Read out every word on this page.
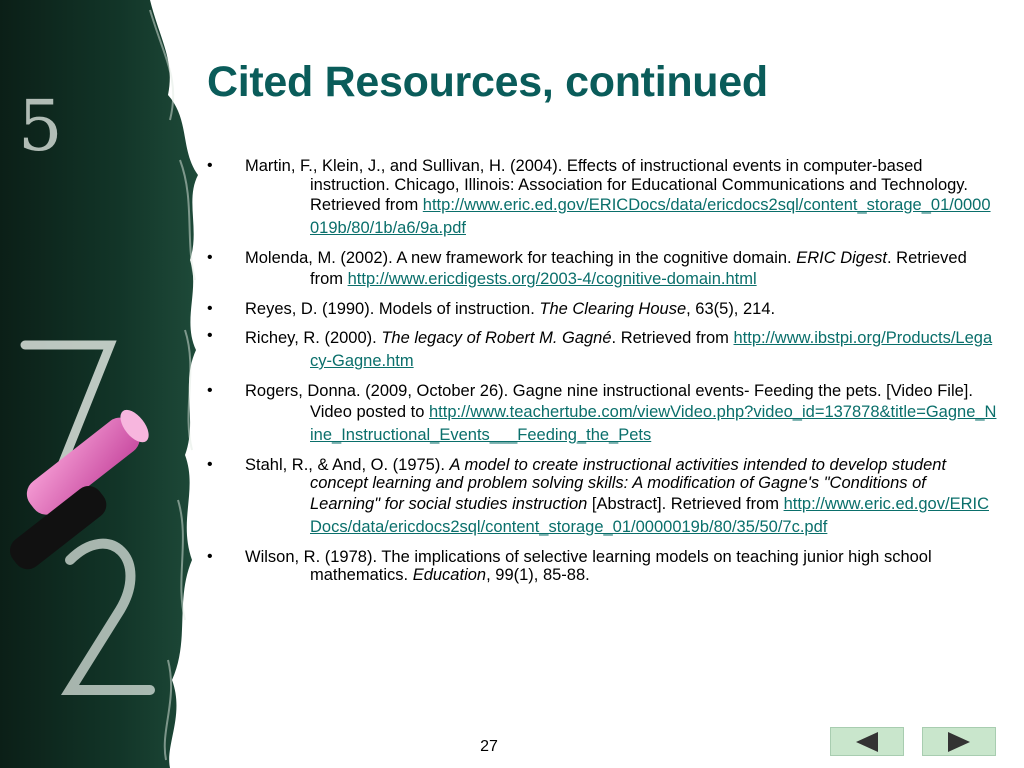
5
Cited Resources, continued
• Martin, F., Klein, J., and Sullivan, H. (2004). Effects of instructional events in computer-based instruction. Chicago, Illinois: Association for Educational Communications and Technology. Retrieved from http://www.eric.ed.gov/ERICDocs/data/ericdocs2sql/content_storage_01/0000019b/80/1b/a6/9a.pdf
• Molenda, M. (2002). A new framework for teaching in the cognitive domain. ERIC Digest. Retrieved from http://www.ericdigests.org/2003-4/cognitive-domain.html
• Reyes, D. (1990). Models of instruction. The Clearing House, 63(5), 214.
• Richey, R. (2000). The legacy of Robert M. Gagné. Retrieved from http://www.ibstpi.org/Products/Legacy-Gagne.htm
• Rogers, Donna. (2009, October 26). Gagne nine instructional events- Feeding the pets. [Video File]. Video posted to http://www.teachertube.com/viewVideo.php?video_id=137878&title=Gagne_Nine_Instructional_Events___Feeding_the_Pets
• Stahl, R., & And, O. (1975). A model to create instructional activities intended to develop student concept learning and problem solving skills: A modification of Gagne's "Conditions of Learning" for social studies instruction [Abstract]. Retrieved from http://www.eric.ed.gov/ERICDocs/data/ericdocs2sql/content_storage_01/0000019b/80/35/50/7c.pdf
• Wilson, R. (1978). The implications of selective learning models on teaching junior high school mathematics. Education, 99(1), 85-88.
27
